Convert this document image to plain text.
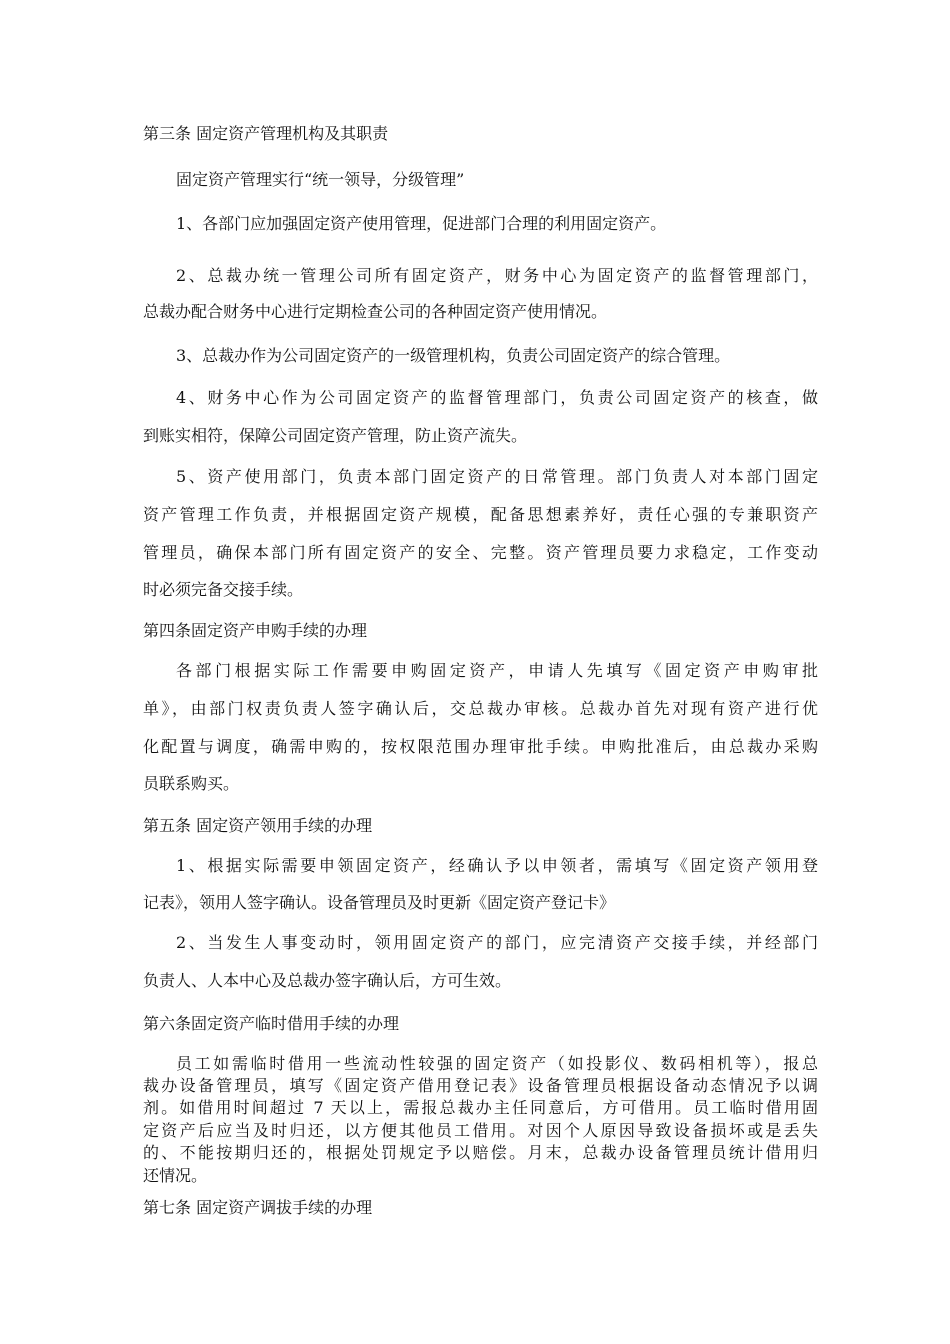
第三条 固定资产管理机构及其职责
固定资产管理实行“统一领导，分级管理”
1、各部门应加强固定资产使用管理，促进部门合理的利用固定资产。
2、总裁办统一管理公司所有固定资产，财务中心为固定资产的监督管理部门，
总裁办配合财务中心进行定期检查公司的各种固定资产使用情况。
3、总裁办作为公司固定资产的一级管理机构，负责公司固定资产的综合管理。
4、财务中心作为公司固定资产的监督管理部门，负责公司固定资产的核查，做
到账实相符，保障公司固定资产管理，防止资产流失。
5、资产使用部门，负责本部门固定资产的日常管理。部门负责人对本部门固定
资产管理工作负责，并根据固定资产规模，配备思想素养好，责任心强的专兼职资产
管理员，确保本部门所有固定资产的安全、完整。资产管理员要力求稳定，工作变动
时必须完备交接手续。
第四条固定资产申购手续的办理
各部门根据实际工作需要申购固定资产，申请人先填写《固定资产申购审批
单》，由部门权责负责人签字确认后，交总裁办审核。总裁办首先对现有资产进行优
化配置与调度，确需申购的，按权限范围办理审批手续。申购批准后，由总裁办采购
员联系购买。
第五条 固定资产领用手续的办理
1、根据实际需要申领固定资产，经确认予以申领者，需填写《固定资产领用登
记表》，领用人签字确认。设备管理员及时更新《固定资产登记卡》
2、当发生人事变动时，领用固定资产的部门，应完清资产交接手续，并经部门
负责人、人本中心及总裁办签字确认后，方可生效。
第六条固定资产临时借用手续的办理
员工如需临时借用一些流动性较强的固定资产（如投影仪、数码相机等），报总
裁办设备管理员，填写《固定资产借用登记表》设备管理员根据设备动态情况予以调
剂。如借用时间超过 7 天以上，需报总裁办主任同意后，方可借用。员工临时借用固
定资产后应当及时归还，以方便其他员工借用。对因个人原因导致设备损坏或是丢失
的、不能按期归还的，根据处罚规定予以赔偿。月末，总裁办设备管理员统计借用归
还情况。
第七条 固定资产调拔手续的办理
